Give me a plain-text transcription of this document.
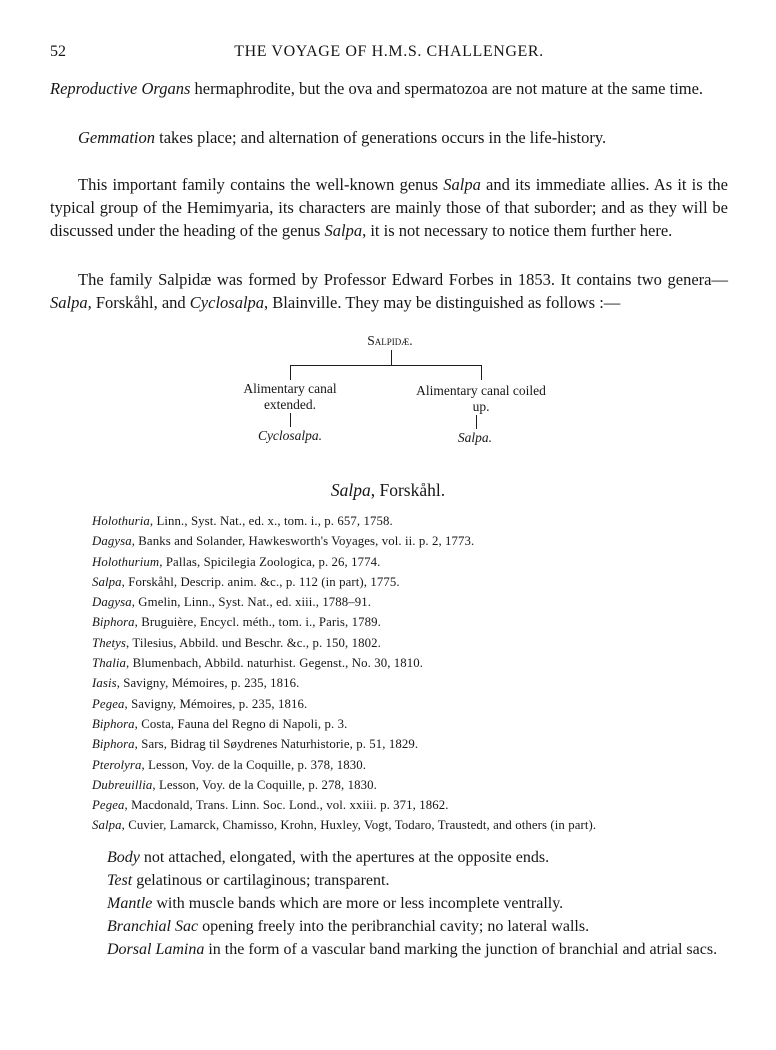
52	THE VOYAGE OF H.M.S. CHALLENGER.
Reproductive Organs hermaphrodite, but the ova and spermatozoa are not mature at the same time.
Gemmation takes place; and alternation of generations occurs in the life-history.
This important family contains the well-known genus Salpa and its immediate allies. As it is the typical group of the Hemimyaria, its characters are mainly those of that suborder; and as they will be discussed under the heading of the genus Salpa, it is not necessary to notice them further here.
The family Salpidæ was formed by Professor Edward Forbes in 1853. It contains two genera—Salpa, Forskåhl, and Cyclosalpa, Blainville. They may be distinguished as follows :—
Salpidæ.
Alimentary canal extended.
Alimentary canal coiled up.
Cyclosalpa.	Salpa.
Salpa, Forskåhl.
Holothuria, Linn., Syst. Nat., ed. x., tom. i., p. 657, 1758.
Dagysa, Banks and Solander, Hawkesworth's Voyages, vol. ii. p. 2, 1773.
Holothurium, Pallas, Spicilegia Zoologica, p. 26, 1774.
Salpa, Forskåhl, Descrip. anim. &c., p. 112 (in part), 1775.
Dagysa, Gmelin, Linn., Syst. Nat., ed. xiii., 1788–91.
Biphora, Bruguière, Encycl. méth., tom. i., Paris, 1789.
Thetys, Tilesius, Abbild. und Beschr. &c., p. 150, 1802.
Thalia, Blumenbach, Abbild. naturhist. Gegenst., No. 30, 1810.
Iasis, Savigny, Mémoires, p. 235, 1816.
Pegea, Savigny, Mémoires, p. 235, 1816.
Biphora, Costa, Fauna del Regno di Napoli, p. 3.
Biphora, Sars, Bidrag til Søydrenes Naturhistorie, p. 51, 1829.
Pterolyra, Lesson, Voy. de la Coquille, p. 378, 1830.
Dubreuillia, Lesson, Voy. de la Coquille, p. 278, 1830.
Pegea, Macdonald, Trans. Linn. Soc. Lond., vol. xxiii. p. 371, 1862.
Salpa, Cuvier, Lamarck, Chamisso, Krohn, Huxley, Vogt, Todaro, Traustedt, and others (in part).
Body not attached, elongated, with the apertures at the opposite ends.
Test gelatinous or cartilaginous; transparent.
Mantle with muscle bands which are more or less incomplete ventrally.
Branchial Sac opening freely into the peribranchial cavity; no lateral walls.
Dorsal Lamina in the form of a vascular band marking the junction of branchial and atrial sacs.
